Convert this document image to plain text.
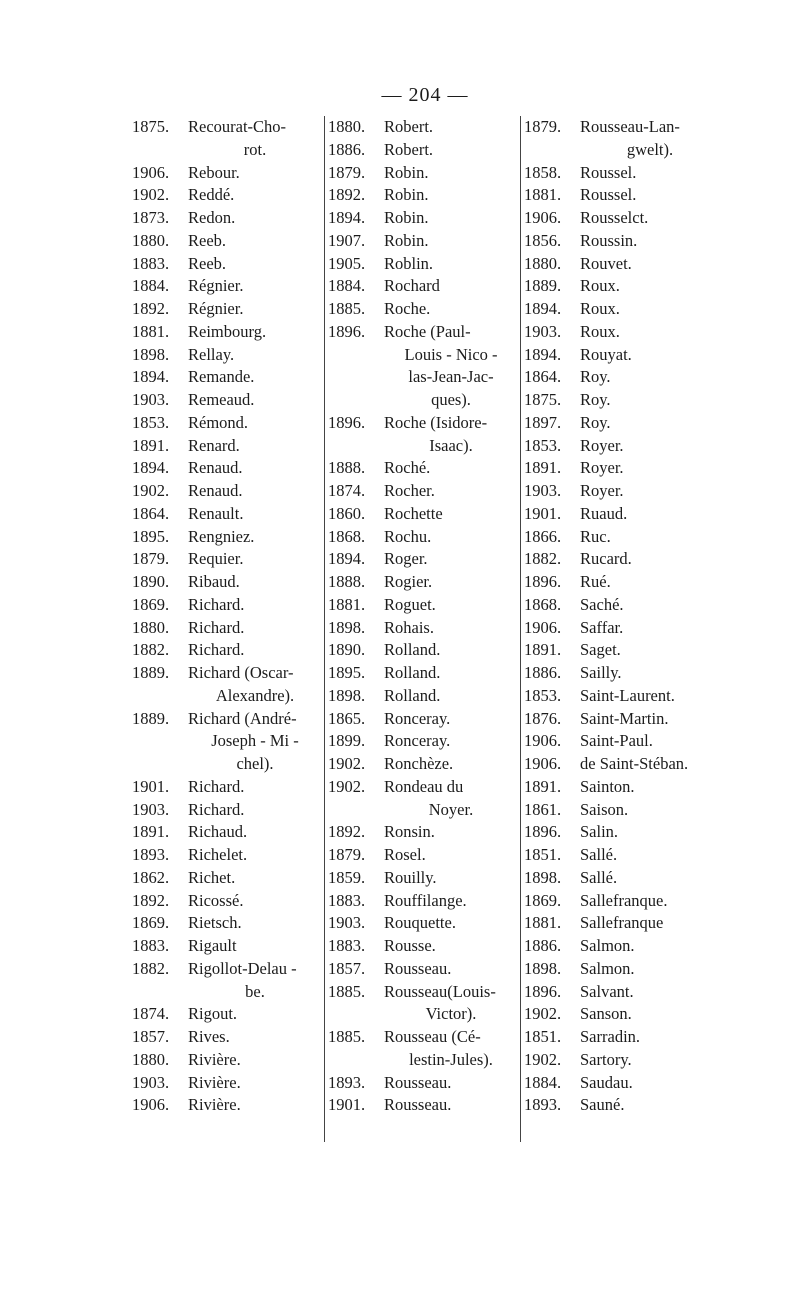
— 204 —
1875. Recourat-Cho-
rot.
1906. Rebour.
1902. Reddé.
1873. Redon.
1880. Reeb.
1883. Reeb.
1884. Régnier.
1892. Régnier.
1881. Reimbourg.
1898. Rellay.
1894. Remande.
1903. Remeaud.
1853. Rémond.
1891. Renard.
1894. Renaud.
1902. Renaud.
1864. Renault.
1895. Rengniez.
1879. Requier.
1890. Ribaud.
1869. Richard.
1880. Richard.
1882. Richard.
1889. Richard (Oscar-
Alexandre).
1889. Richard (André-
Joseph - Mi -
chel).
1901. Richard.
1903. Richard.
1891. Richaud.
1893. Richelet.
1862. Richet.
1892. Ricossé.
1869. Rietsch.
1883. Rigault
1882. Rigollot-Delau -
be.
1874. Rigout.
1857. Rives.
1880. Rivière.
1903. Rivière.
1906. Rivière.
1880. Robert.
1886. Robert.
1879. Robin.
1892. Robin.
1894. Robin.
1907. Robin.
1905. Roblin.
1884. Rochard
1885. Roche.
1896. Roche (Paul-
Louis - Nico -
las-Jean-Jac-
ques).
1896. Roche (Isidore-
Isaac).
1888. Roché.
1874. Rocher.
1860. Rochette
1868. Rochu.
1894. Roger.
1888. Rogier.
1881. Roguet.
1898. Rohais.
1890. Rolland.
1895. Rolland.
1898. Rolland.
1865. Ronceray.
1899. Ronceray.
1902. Ronchèze.
1902. Rondeau du
Noyer.
1892. Ronsin.
1879. Rosel.
1859. Rouilly.
1883. Rouffilange.
1903. Rouquette.
1883. Rousse.
1857. Rousseau.
1885. Rousseau(Louis-
Victor).
1885. Rousseau (Cé-
lestin-Jules).
1893. Rousseau.
1901. Rousseau.
1879. Rousseau-Lan-
gwelt).
1858. Roussel.
1881. Roussel.
1906. Rousselct.
1856. Roussin.
1880. Rouvet.
1889. Roux.
1894. Roux.
1903. Roux.
1894. Rouyat.
1864. Roy.
1875. Roy.
1897. Roy.
1853. Royer.
1891. Royer.
1903. Royer.
1901. Ruaud.
1866. Ruc.
1882. Rucard.
1896. Rué.
1868. Saché.
1906. Saffar.
1891. Saget.
1886. Sailly.
1853. Saint-Laurent.
1876. Saint-Martin.
1906. Saint-Paul.
1906. de Saint-Stéban.
1891. Sainton.
1861. Saison.
1896. Salin.
1851. Sallé.
1898. Sallé.
1869. Sallefranque.
1881. Sallefranque
1886. Salmon.
1898. Salmon.
1896. Salvant.
1902. Sanson.
1851. Sarradin.
1902. Sartory.
1884. Saudau.
1893. Sauné.
